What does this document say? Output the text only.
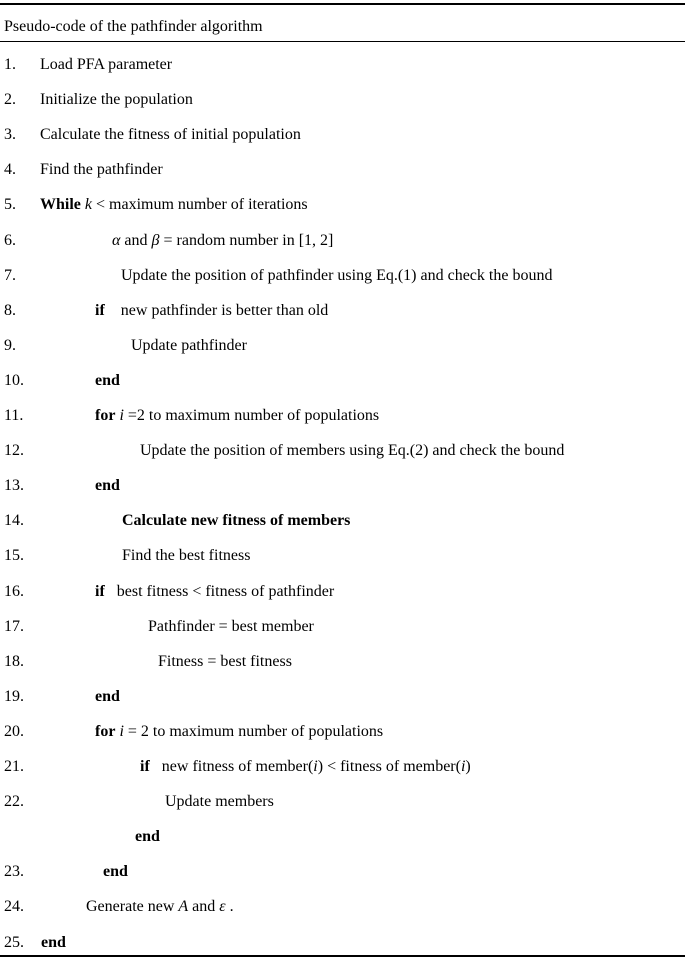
Pseudo-code of the pathfinder algorithm
1. Load PFA parameter
2. Initialize the population
3. Calculate the fitness of initial population
4. Find the pathfinder
5. While k < maximum number of iterations
6.	α and β = random number in [1, 2]
7.	Update the position of pathfinder using Eq.(1) and check the bound
8.	if    new pathfinder is better than old
9.	Update pathfinder
10.	end
11.	for i =2 to maximum number of populations
12.	Update the position of members using Eq.(2) and check the bound
13.	end
14.	Calculate new fitness of members
15.	Find the best fitness
16.	if   best fitness < fitness of pathfinder
17.	Pathfinder = best member
18.	Fitness = best fitness
19.	end
20.	for i = 2 to maximum number of populations
21.	if   new fitness of member(i) < fitness of member(i)
22.	Update members
end
23.	end
24.	Generate new A and ε .
25. end
